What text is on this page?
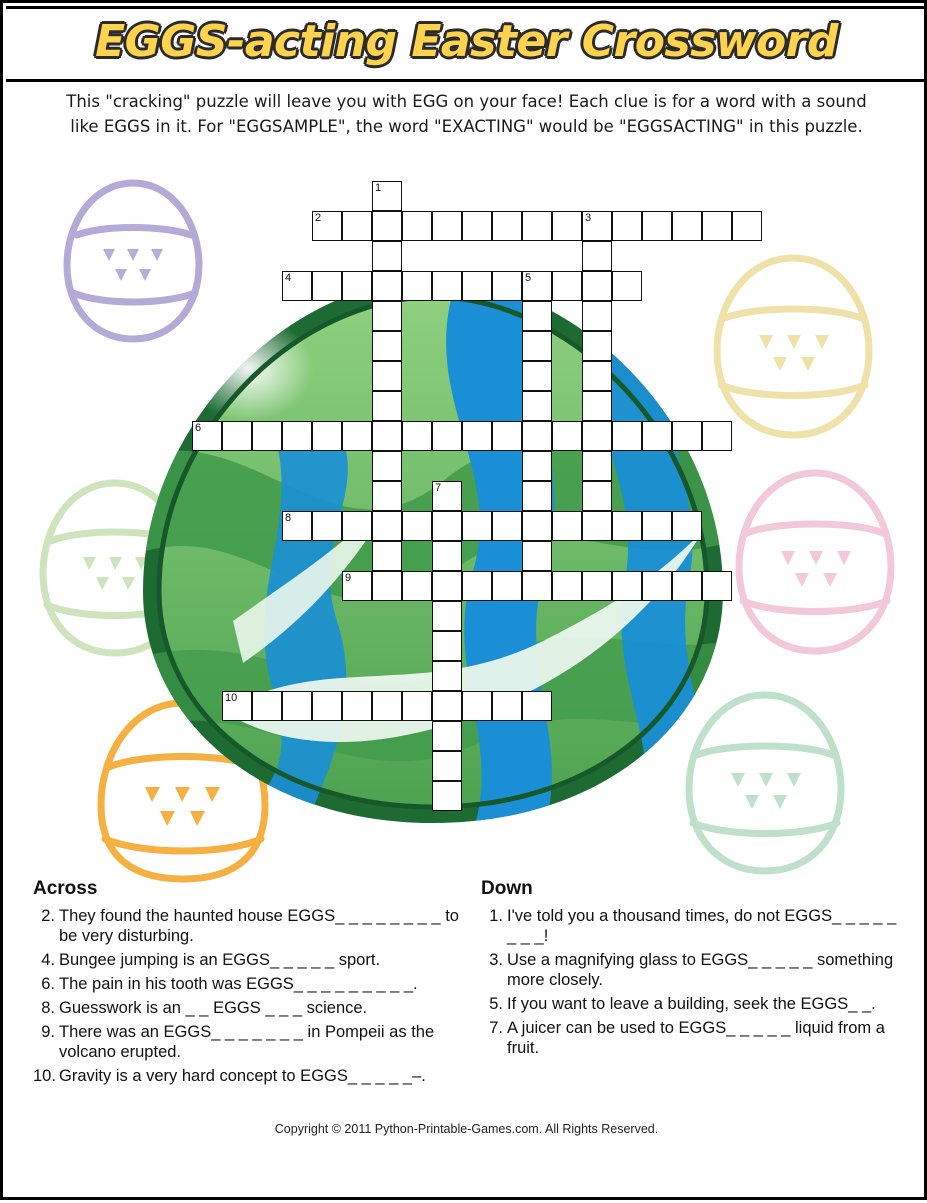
EGGS-acting Easter Crossword
This "cracking" puzzle will leave you with EGG on your face! Each clue is for a word with a sound like EGGS in it. For "EGGSAMPLE", the word "EXACTING" would be "EGGSACTING" in this puzzle.
1
2	3
4	5
6
7
8
9
10
Across
2. They found the haunted house EGGS_ _ _ _ _ _ _ _ to be very disturbing.
4. Bungee jumping is an EGGS_ _ _ _ _ sport.
6. The pain in his tooth was EGGS_ _ _ _ _ _ _ _ _.
8. Guesswork is an _ _ EGGS _ _ _ science.
9. There was an EGGS_ _ _ _ _ _ _ in Pompeii as the volcano erupted.
10. Gravity is a very hard concept to EGGS_ _ _ _ _–.
Down
1. I've told you a thousand times, do not EGGS_ _ _ _ _ _ _ _!
3. Use a magnifying glass to EGGS_ _ _ _ _ something more closely.
5. If you want to leave a building, seek the EGGS_ _.
7. A juicer can be used to EGGS_ _ _ _ _ liquid from a fruit.
Copyright © 2011 Python-Printable-Games.com. All Rights Reserved.
